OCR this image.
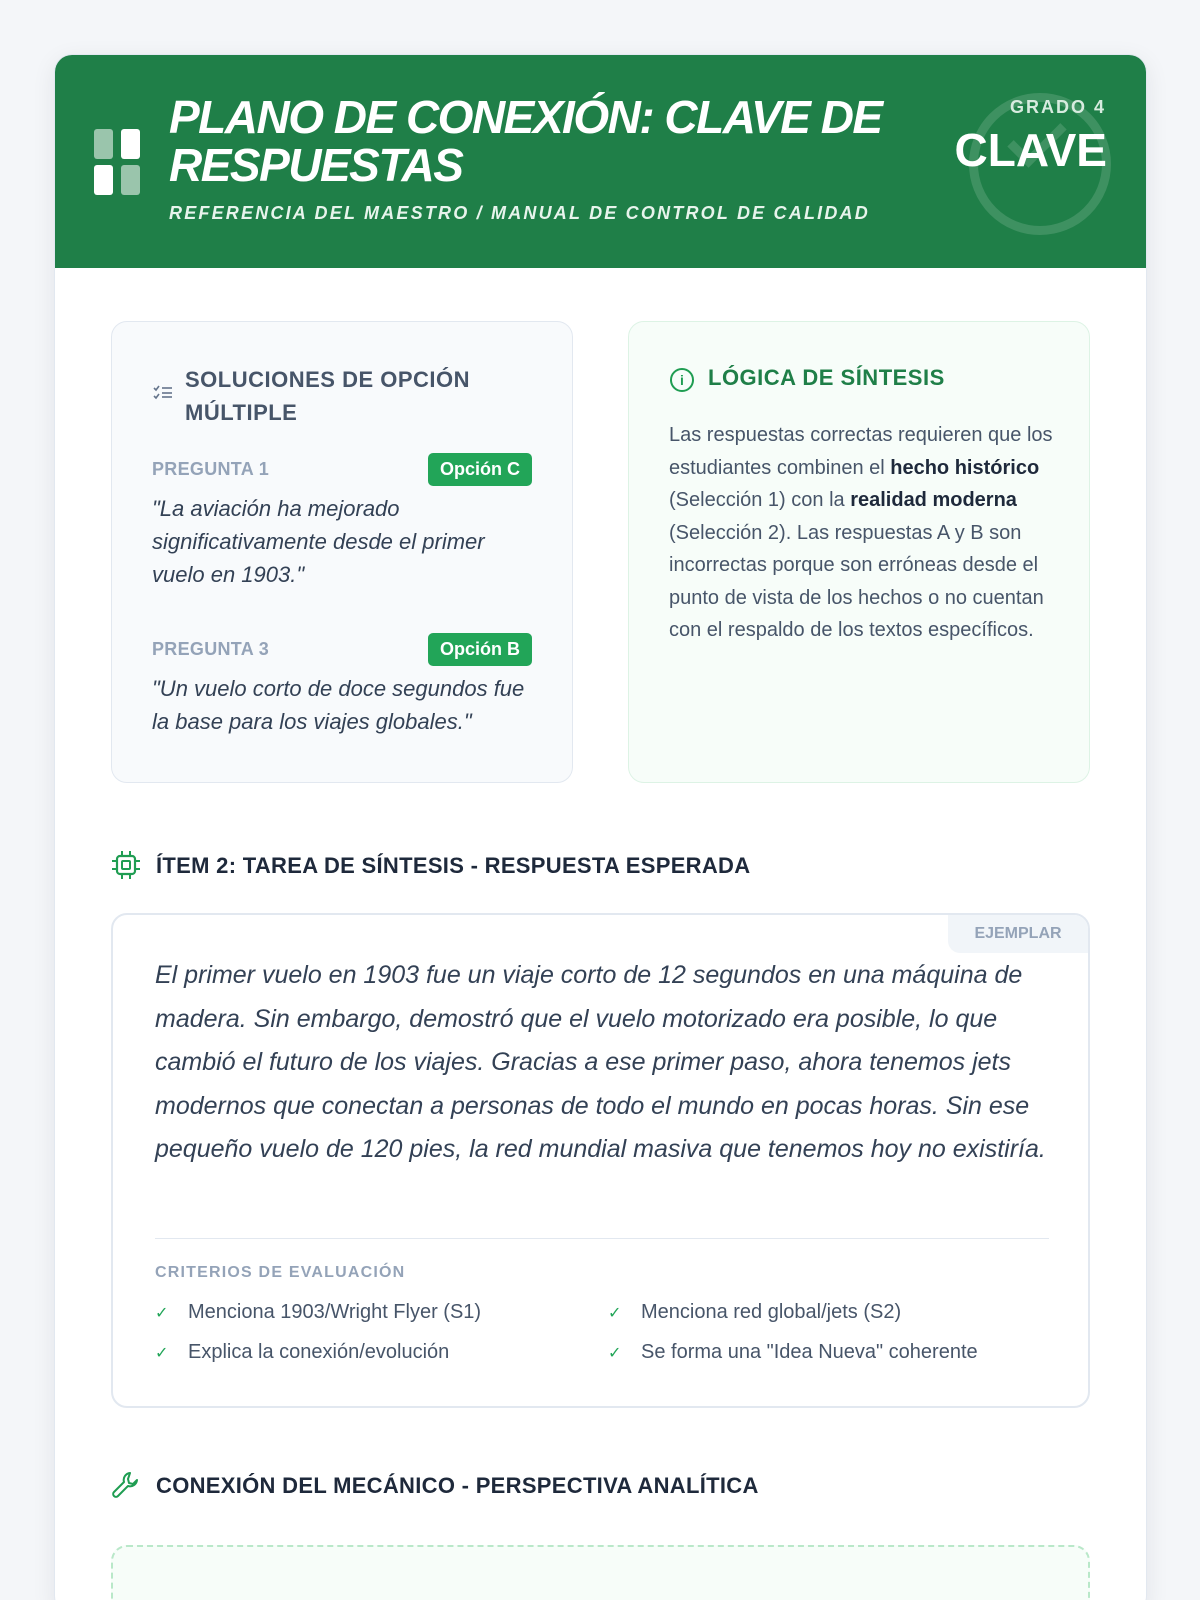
PLANO DE CONEXIÓN: CLAVE DE RESPUESTAS
REFERENCIA DEL MAESTRO / MANUAL DE CONTROL DE CALIDAD
GRADO 4
CLAVE
SOLUCIONES DE OPCIÓN MÚLTIPLE
PREGUNTA 1	Opción C
"La aviación ha mejorado significativamente desde el primer vuelo en 1903."
PREGUNTA 3	Opción B
"Un vuelo corto de doce segundos fue la base para los viajes globales."
i	LÓGICA DE SÍNTESIS
Las respuestas correctas requieren que los estudiantes combinen el hecho histórico (Selección 1) con la realidad moderna (Selección 2). Las respuestas A y B son incorrectas porque son erróneas desde el punto de vista de los hechos o no cuentan con el respaldo de los textos específicos.
ÍTEM 2: TAREA DE SÍNTESIS - RESPUESTA ESPERADA
EJEMPLAR
El primer vuelo en 1903 fue un viaje corto de 12 segundos en una máquina de madera. Sin embargo, demostró que el vuelo motorizado era posible, lo que cambió el futuro de los viajes. Gracias a ese primer paso, ahora tenemos jets modernos que conectan a personas de todo el mundo en pocas horas. Sin ese pequeño vuelo de 120 pies, la red mundial masiva que tenemos hoy no existiría.
CRITERIOS DE EVALUACIÓN
✓ Menciona 1903/Wright Flyer (S1)	✓ Menciona red global/jets (S2)
✓ Explica la conexión/evolución	✓ Se forma una "Idea Nueva" coherente
CONEXIÓN DEL MECÁNICO - PERSPECTIVA ANALÍTICA
